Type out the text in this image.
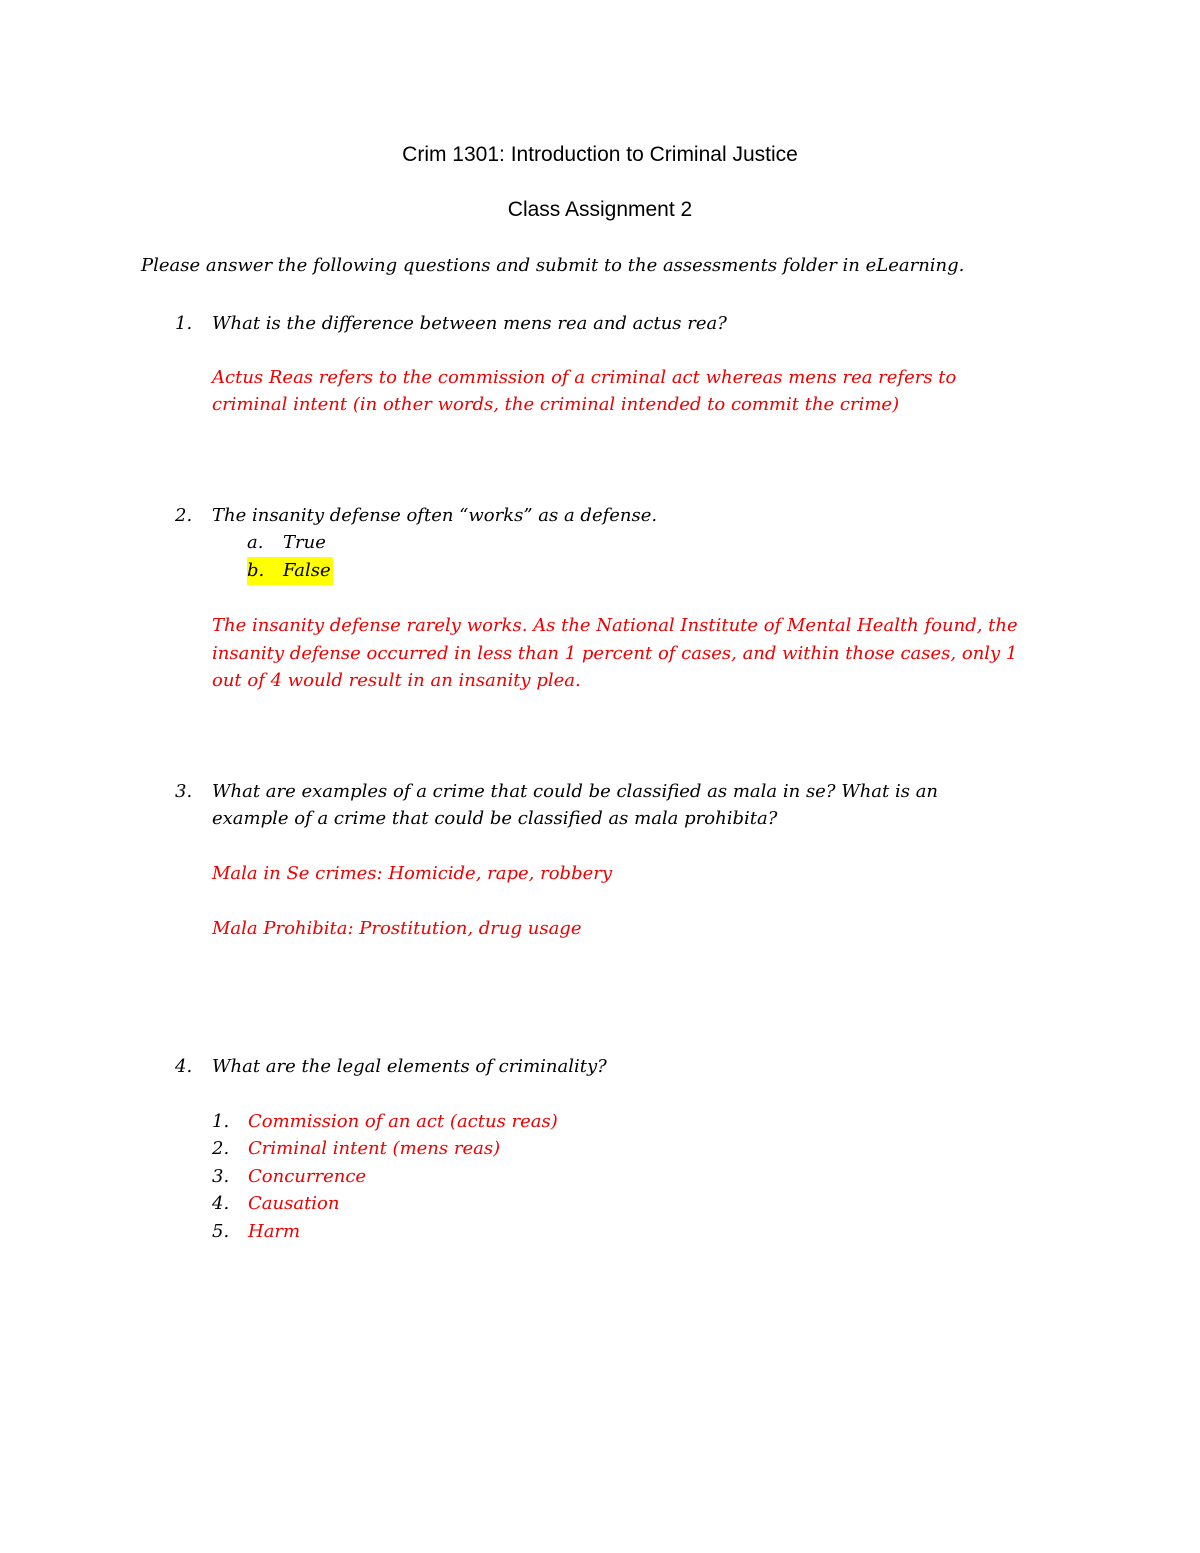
Crim 1301: Introduction to Criminal Justice
Class Assignment 2

Please answer the following questions and submit to the assessments folder in eLearning.

1. What is the difference between mens rea and actus rea?
Actus Reas refers to the commission of a criminal act whereas mens rea refers to
criminal intent (in other words, the criminal intended to commit the crime)
2. The insanity defense often “works” as a defense.
a.	True
b.	False
The insanity defense rarely works. As the National Institute of Mental Health found, the
insanity defense occurred in less than 1 percent of cases, and within those cases, only 1
out of 4 would result in an insanity plea.
3. What are examples of a crime that could be classified as mala in se? What is an
example of a crime that could be classified as mala prohibita?
Mala in Se crimes: Homicide, rape, robbery
Mala Prohibita: Prostitution, drug usage
4. What are the legal elements of criminality?
1.	Commission of an act (actus reas)
2.	Criminal intent (mens reas)
3.	Concurrence
4.	Causation
5.	Harm
